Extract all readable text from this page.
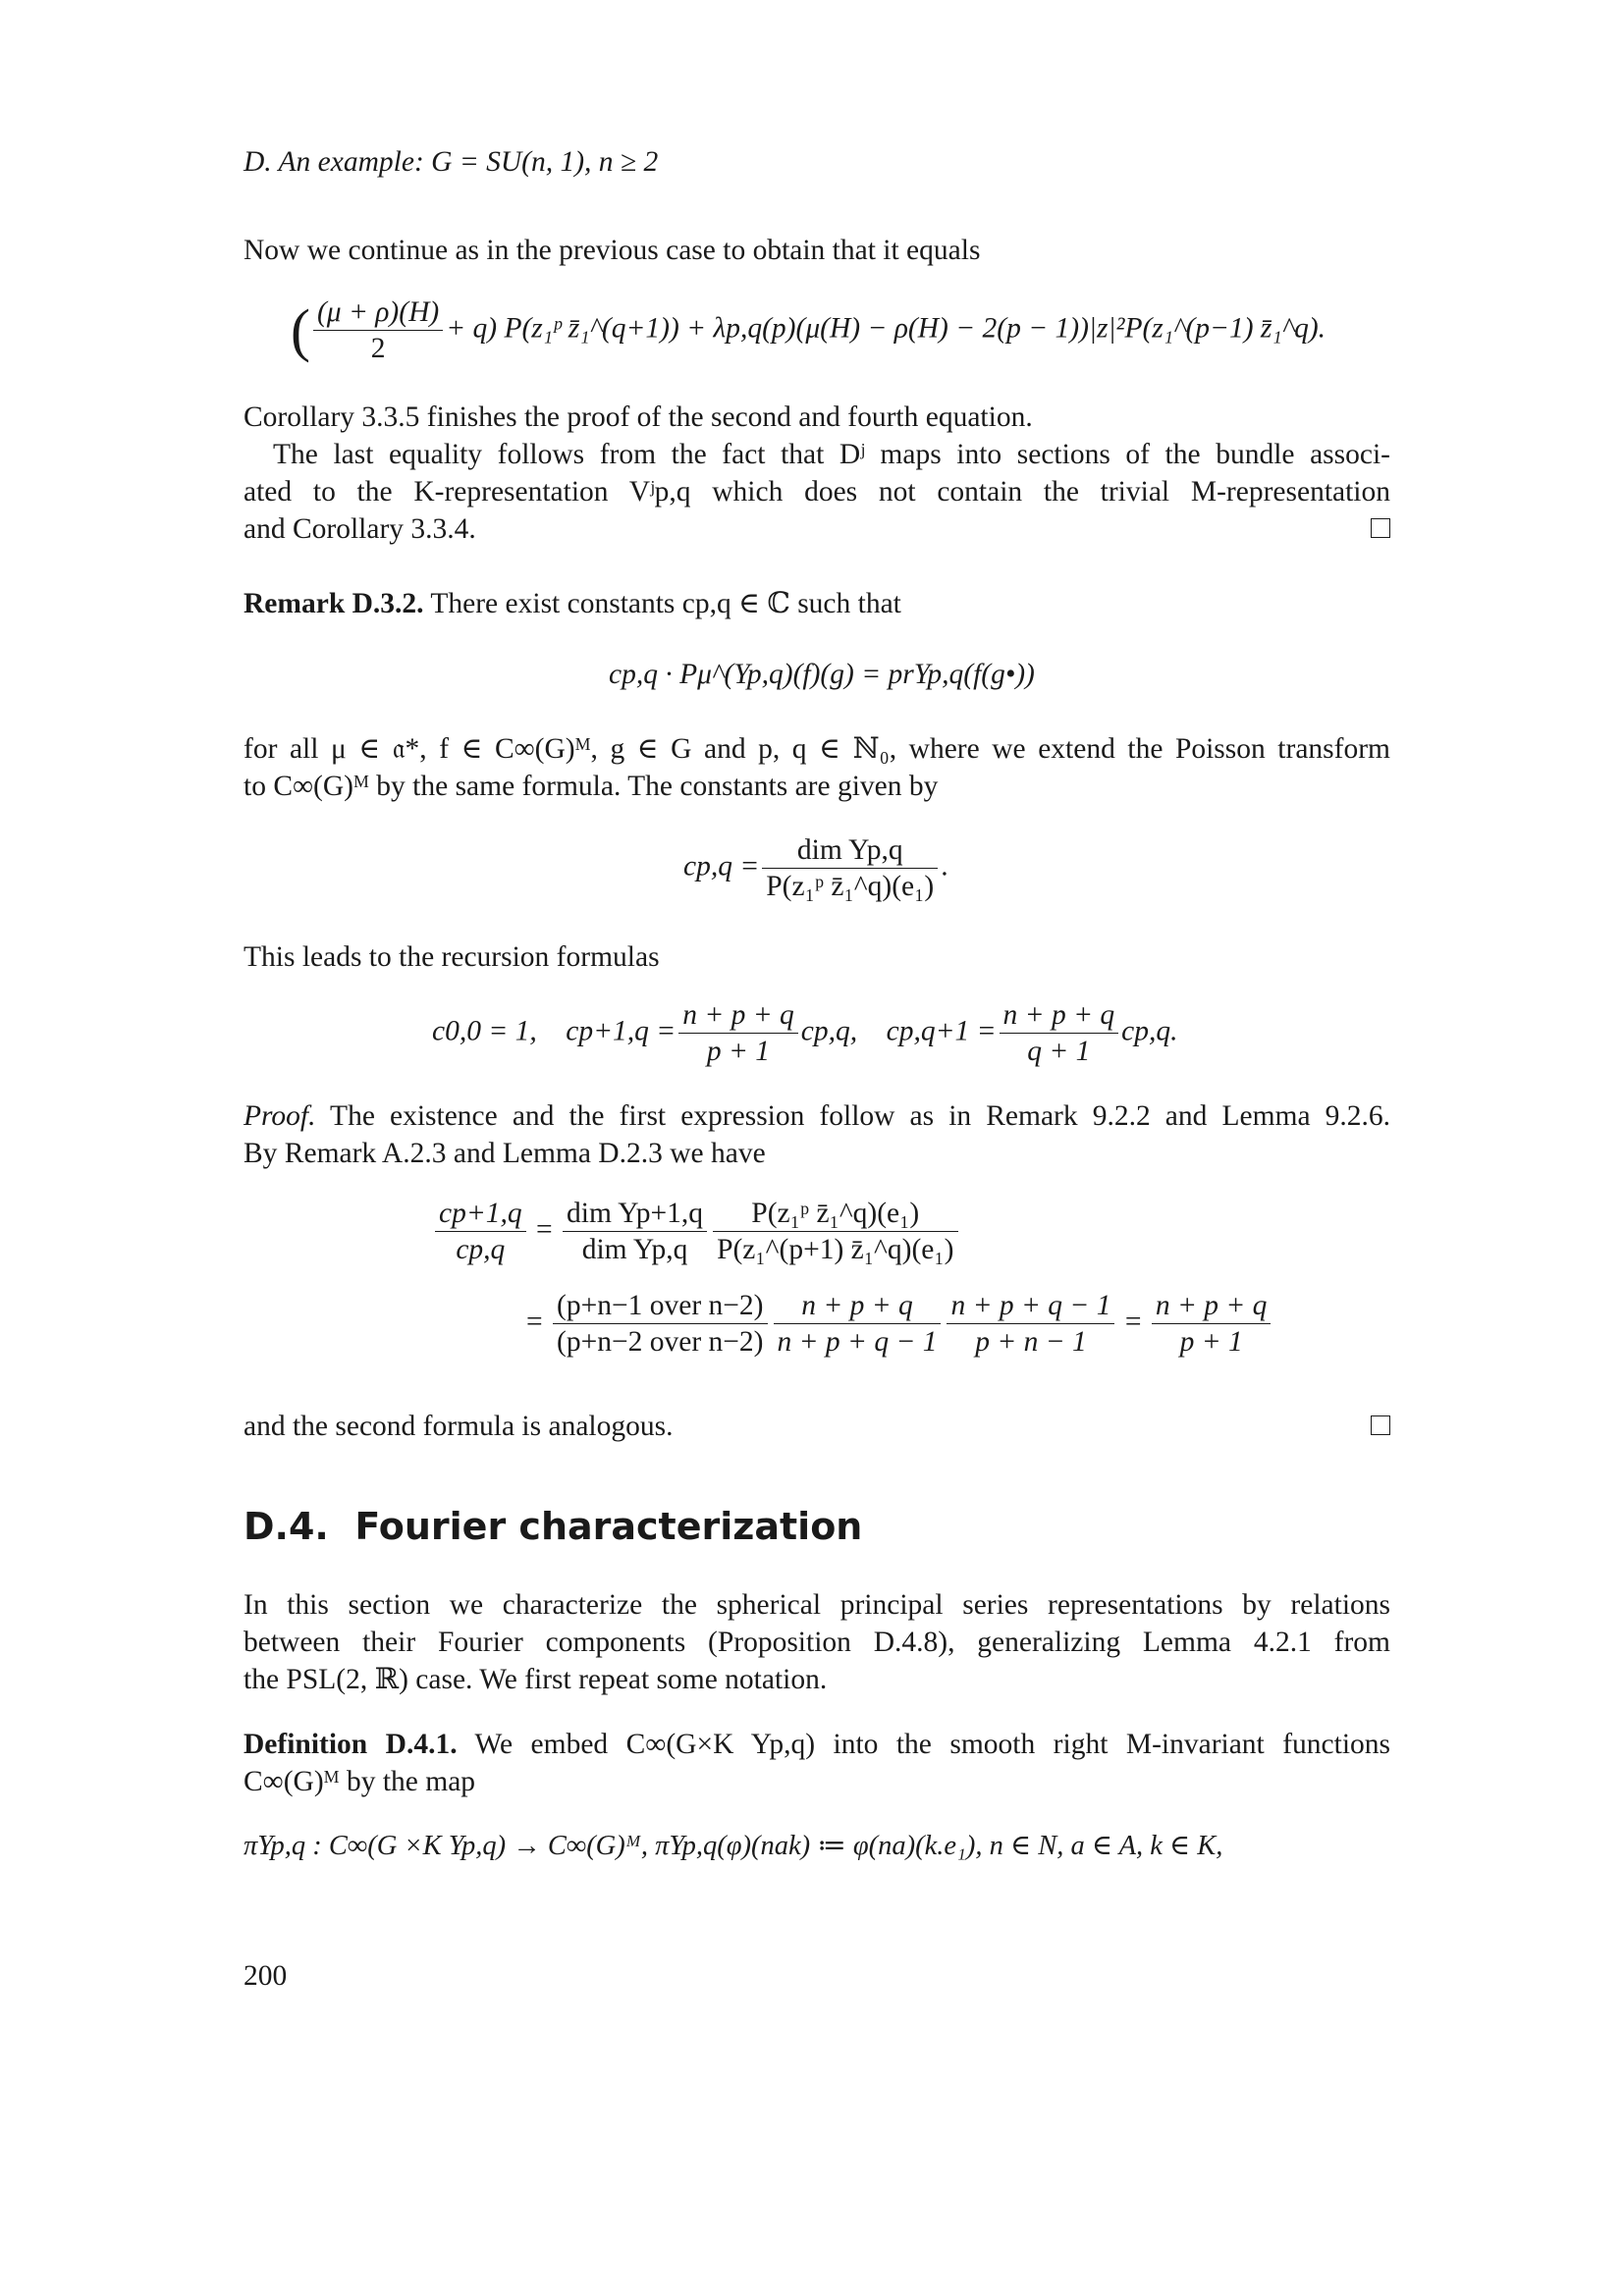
D. An example: G = SU(n, 1), n ≥ 2
Now we continue as in the previous case to obtain that it equals
( $\frac{(\mu + \rho)(H)}{2} + q$) P(z₁ᵖ z̄₁^(q+1)) + λp,q(p)(μ(H) − ρ(H) − 2(p − 1))|z|²P(z₁^(p−1) z̄₁^q).
Corollary 3.3.5 finishes the proof of the second and fourth equation.
The last equality follows from the fact that Dʲ maps into sections of the bundle associ-
ated to the K-representation Vʲp,q which does not contain the trivial M-representation
and Corollary 3.3.4.
Remark D.3.2. There exist constants cp,q ∈ ℂ such that
cp,q · Pμ^(Yp,q)(f)(g) = prYp,q(f(g•))
for all μ ∈ 𝔞*, f ∈ C∞(G)ᴹ, g ∈ G and p, q ∈ ℕ₀, where we extend the Poisson transform
to C∞(G)ᴹ by the same formula. The constants are given by
cp,q =
dim Yp,q
P(z₁ᵖ z̄₁^q)(e₁)
.
This leads to the recursion formulas
c0,0 = 1, $cp+1,q = \frac{n + p + q}{p + 1} cp,q$, $cp,q+1 = \frac{n + p + q}{q + 1} cp,q$.
Proof. The existence and the first expression follow as in Remark 9.2.2 and Lemma 9.2.6.
By Remark A.2.3 and Lemma D.2.3 we have
$\frac{cp+1,q}{cp,q}$ =
dim Yp+1,q
dim $Yp,q \frac{\text{P(z₁ᵖ z̄₁\textasciicircum{}q)(e₁)}}{\text{P(z₁\textasciicircum{}(p+1) z̄₁\textasciicircum{}q)(e₁)}}$
=
(p+n−1 over n−2)
(p+n−2 over $n-2) \frac{n + p + q}{n + p + q - 1} \frac{n + p + q - 1}{p + n - 1} = \frac{n + p + q}{p + 1}$
and the second formula is analogous.
D.4. Fourier characterization
In this section we characterize the spherical principal series representations by relations
between their Fourier components (Proposition D.4.8), generalizing Lemma 4.2.1 from
the PSL(2, ℝ) case. We first repeat some notation.
Definition D.4.1. We embed C∞(G×K Yp,q) into the smooth right M-invariant functions
C∞(G)ᴹ by the map
πYp,q : C∞(G ×K Yp,q) → C∞(G)ᴹ, πYp,q(φ)(nak) ≔ φ(na)(k.e₁), n ∈ N, a ∈ A, k ∈ K,
200
